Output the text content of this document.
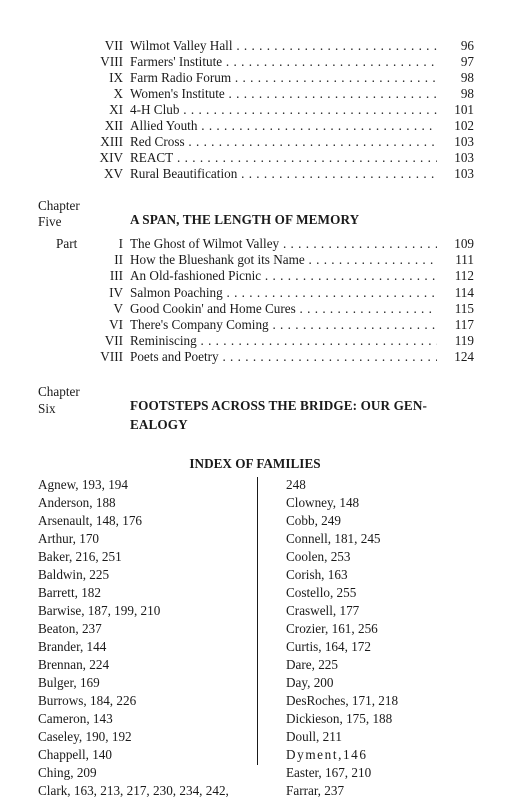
VII Wilmot Valley Hall . . .	96
VIII Farmers' Institute . . .	97
IX Farm Radio Forum . . .	98
X Women's Institute . . .	98
XI 4-H Club . . .	101
XII Allied Youth . . .	102
XIII Red Cross . . .	103
XIV REACT . . .	103
XV Rural Beautification . . .	103
Chapter
Five	A SPAN, THE LENGTH OF MEMORY
Part	I The Ghost of Wilmot Valley . . .	109
II How the Blueshank got its Name . . .	111
III An Old-fashioned Picnic . . .	112
IV Salmon Poaching . . .	114
V Good Cookin' and Home Cures . . .	115
VI There's Company Coming . . .	117
VII Reminiscing . . .	119
VIII Poets and Poetry . . .	124
Chapter
Six	FOOTSTEPS ACROSS THE BRIDGE: OUR GEN-
EALOGY
INDEX OF FAMILIES
Agnew, 193, 194
Anderson, 188
Arsenault, 148, 176
Arthur, 170
Baker, 216, 251
Baldwin, 225
Barrett, 182
Barwise, 187, 199, 210
Beaton, 237
Brander, 144
Brennan, 224
Bulger, 169
Burrows, 184, 226
Cameron, 143
Caseley, 190, 192
Chappell, 140
Ching, 209
Clark, 163, 213, 217, 230, 234, 242,
248
Clowney, 148
Cobb, 249
Connell, 181, 245
Coolen, 253
Corish, 163
Costello, 255
Craswell, 177
Crozier, 161, 256
Curtis, 164, 172
Dare, 225
Day, 200
DesRoches, 171, 218
Dickieson, 175, 188
Doull, 211
Dyment,146
Easter, 167, 210
Farrar, 237
